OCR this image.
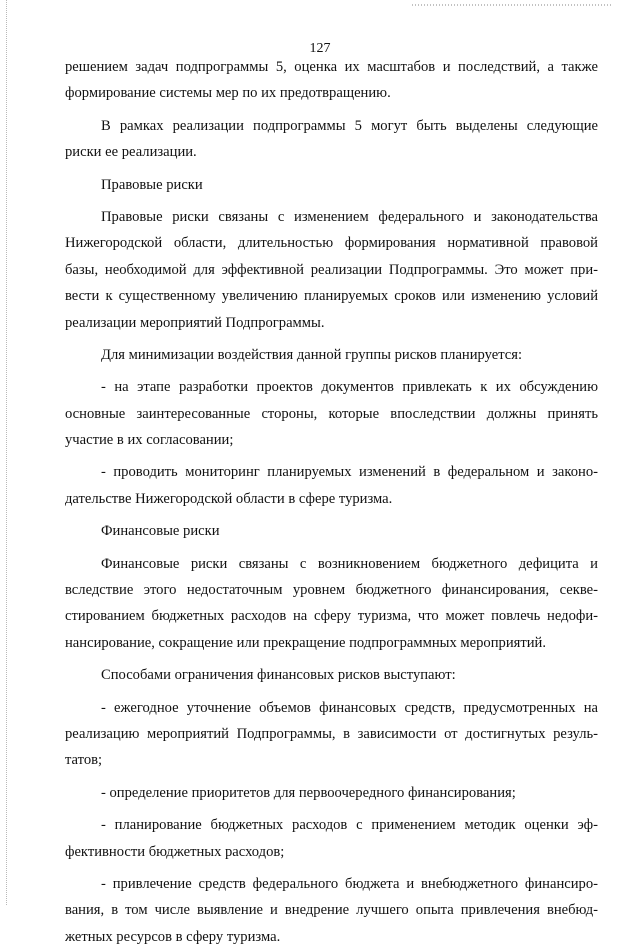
127
решением задач подпрограммы 5, оценка их масштабов и последствий, а также
формирование системы мер по их предотвращению.
В рамках реализации подпрограммы 5 могут быть выделены следующие
риски ее реализации.
Правовые риски
Правовые риски связаны с изменением федерального и законодательства
Нижегородской области, длительностью формирования нормативной правовой
базы, необходимой для эффективной реализации Подпрограммы. Это может при-
вести к существенному увеличению планируемых сроков или изменению условий
реализации мероприятий Подпрограммы.
Для минимизации воздействия данной группы рисков планируется:
- на этапе разработки проектов документов привлекать к их обсуждению
основные заинтересованные стороны, которые впоследствии должны принять
участие в их согласовании;
- проводить мониторинг планируемых изменений в федеральном и законо-
дательстве Нижегородской области в сфере туризма.
Финансовые риски
Финансовые риски связаны с возникновением бюджетного дефицита и
вследствие этого недостаточным уровнем бюджетного финансирования, секве-
стированием бюджетных расходов на сферу туризма, что может повлечь недофи-
нансирование, сокращение или прекращение подпрограммных мероприятий.
Способами ограничения финансовых рисков выступают:
- ежегодное уточнение объемов финансовых средств, предусмотренных на
реализацию мероприятий Подпрограммы, в зависимости от достигнутых резуль-
татов;
- определение приоритетов для первоочередного финансирования;
- планирование бюджетных расходов с применением методик оценки эф-
фективности бюджетных расходов;
- привлечение средств федерального бюджета и внебюджетного финансиро-
вания, в том числе выявление и внедрение лучшего опыта привлечения внебюд-
жетных ресурсов в сферу туризма.
